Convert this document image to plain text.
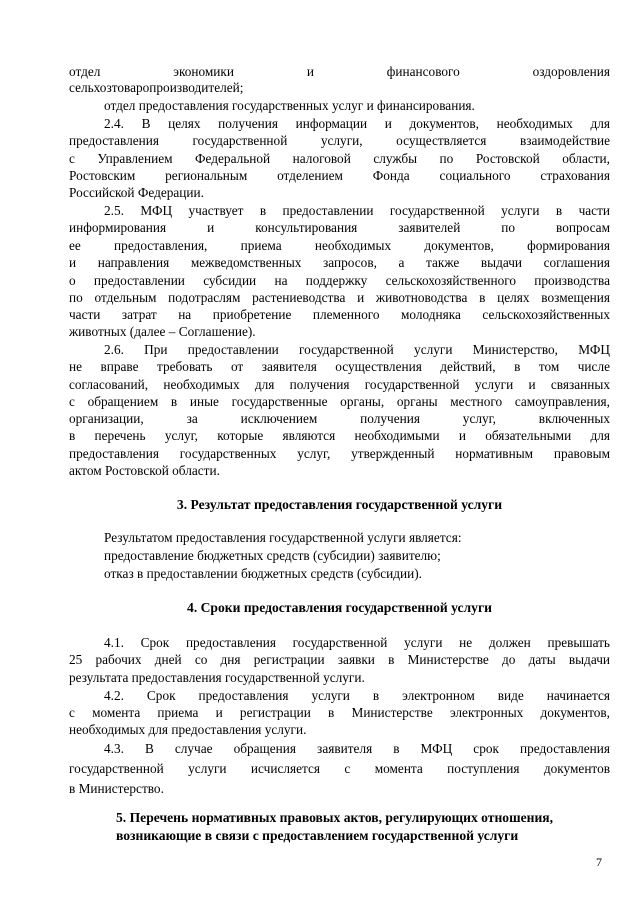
отдел экономики и финансового оздоровления
сельхозтоваропроизводителей;
отдел предоставления государственных услуг и финансирования.
2.4. В целях получения информации и документов, необходимых для
предоставления государственной услуги, осуществляется взаимодействие
с Управлением Федеральной налоговой службы по Ростовской области,
Ростовским региональным отделением Фонда социального страхования
Российской Федерации.
2.5. МФЦ участвует в предоставлении государственной услуги в части
информирования и консультирования заявителей по вопросам
ее предоставления, приема необходимых документов, формирования
и направления межведомственных запросов, а также выдачи соглашения
о предоставлении субсидии на поддержку сельскохозяйственного производства
по отдельным подотраслям растениеводства и животноводства в целях возмещения
части затрат на приобретение племенного молодняка сельскохозяйственных
животных (далее – Соглашение).
2.6. При предоставлении государственной услуги Министерство, МФЦ
не вправе требовать от заявителя осуществления действий, в том числе
согласований, необходимых для получения государственной услуги и связанных
с обращением в иные государственные органы, органы местного самоуправления,
организации, за исключением получения услуг, включенных
в перечень услуг, которые являются необходимыми и обязательными для
предоставления государственных услуг, утвержденный нормативным правовым
актом Ростовской области.
3. Результат предоставления государственной услуги
Результатом предоставления государственной услуги является:
предоставление бюджетных средств (субсидии) заявителю;
отказ в предоставлении бюджетных средств (субсидии).
4. Сроки предоставления государственной услуги
4.1. Срок предоставления государственной услуги не должен превышать
25 рабочих дней со дня регистрации заявки в Министерстве до даты выдачи
результата предоставления государственной услуги.
4.2. Срок предоставления услуги в электронном виде начинается
с момента приема и регистрации в Министерстве электронных документов,
необходимых для предоставления услуги.
4.3. В случае обращения заявителя в МФЦ срок предоставления
государственной услуги исчисляется с момента поступления документов
в Министерство.
5. Перечень нормативных правовых актов, регулирующих отношения,
возникающие в связи с предоставлением государственной услуги
7
